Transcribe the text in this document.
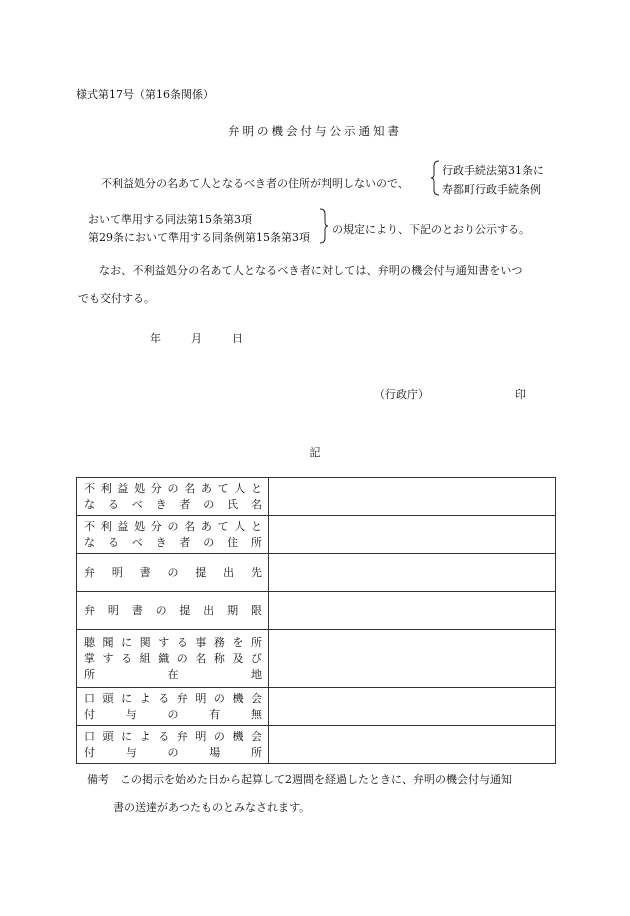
様式第17号（第16条関係）
弁明の機会付与公示通知書
不利益処分の名あて人となるべき者の住所が判明しないので、
行政手続法第31条に
寿都町行政手続条例
おいて準用する同法第15条第3項
第29条において準用する同条例第15条第3項
の規定により、下記のとおり公示する。
なお、不利益処分の名あて人となるべき者に対しては、弁明の機会付与通知書をいつ
でも交付する。
年	月	日
（行政庁）	印
記
不利益処分の名あて人と
なるべき者の氏名	

不利益処分の名あて人と
なるべき者の住所	

弁明書の提出先	

弁明書の提出期限	

聴聞に関する事務を所
掌する組織の名称及び
所在地	

口頭による弁明の機会
付与の有無	

口頭による弁明の機会
付与の場所	

備考　この掲示を始めた日から起算して2週間を経過したときに、弁明の機会付与通知
書の送達があつたものとみなされます。
